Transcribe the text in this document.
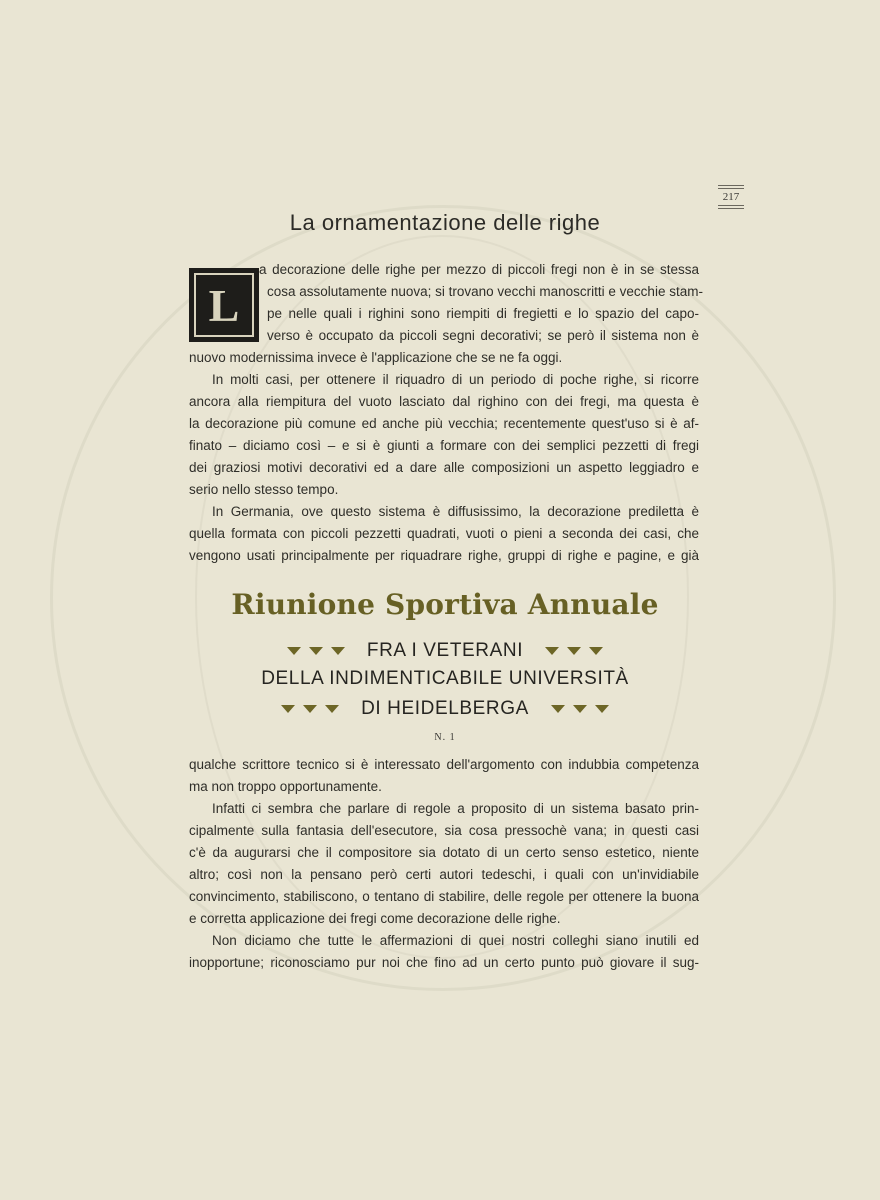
217
La ornamentazione delle righe
L
a decorazione delle righe per mezzo di piccoli fregi non è in se stessa
cosa assolutamente nuova; si trovano vecchi manoscritti e vecchie stam-
pe nelle quali i righini sono riempiti di fregietti e lo spazio del capo-
verso è occupato da piccoli segni decorativi; se però il sistema non è
nuovo modernissima invece è l'applicazione che se ne fa oggi.
In molti casi, per ottenere il riquadro di un periodo di poche righe, si ricorre
ancora alla riempitura del vuoto lasciato dal righino con dei fregi, ma questa è
la decorazione più comune ed anche più vecchia; recentemente quest'uso si è af-
finato – diciamo così – e si è giunti a formare con dei semplici pezzetti di fregi
dei graziosi motivi decorativi ed a dare alle composizioni un aspetto leggiadro e
serio nello stesso tempo.
In Germania, ove questo sistema è diffusissimo, la decorazione prediletta è
quella formata con piccoli pezzetti quadrati, vuoti o pieni a seconda dei casi, che
vengono usati principalmente per riquadrare righe, gruppi di righe e pagine, e già
Riunione Sportiva Annuale
FRA I VETERANI
DELLA INDIMENTICABILE UNIVERSITÀ
DI HEIDELBERGA
N. 1
qualche scrittore tecnico si è interessato dell'argomento con indubbia competenza
ma non troppo opportunamente.
Infatti ci sembra che parlare di regole a proposito di un sistema basato prin-
cipalmente sulla fantasia dell'esecutore, sia cosa pressochè vana; in questi casi
c'è da augurarsi che il compositore sia dotato di un certo senso estetico, niente
altro; così non la pensano però certi autori tedeschi, i quali con un'invidiabile
convincimento, stabiliscono, o tentano di stabilire, delle regole per ottenere la buona
e corretta applicazione dei fregi come decorazione delle righe.
Non diciamo che tutte le affermazioni di quei nostri colleghi siano inutili ed
inopportune; riconosciamo pur noi che fino ad un certo punto può giovare il sug-
